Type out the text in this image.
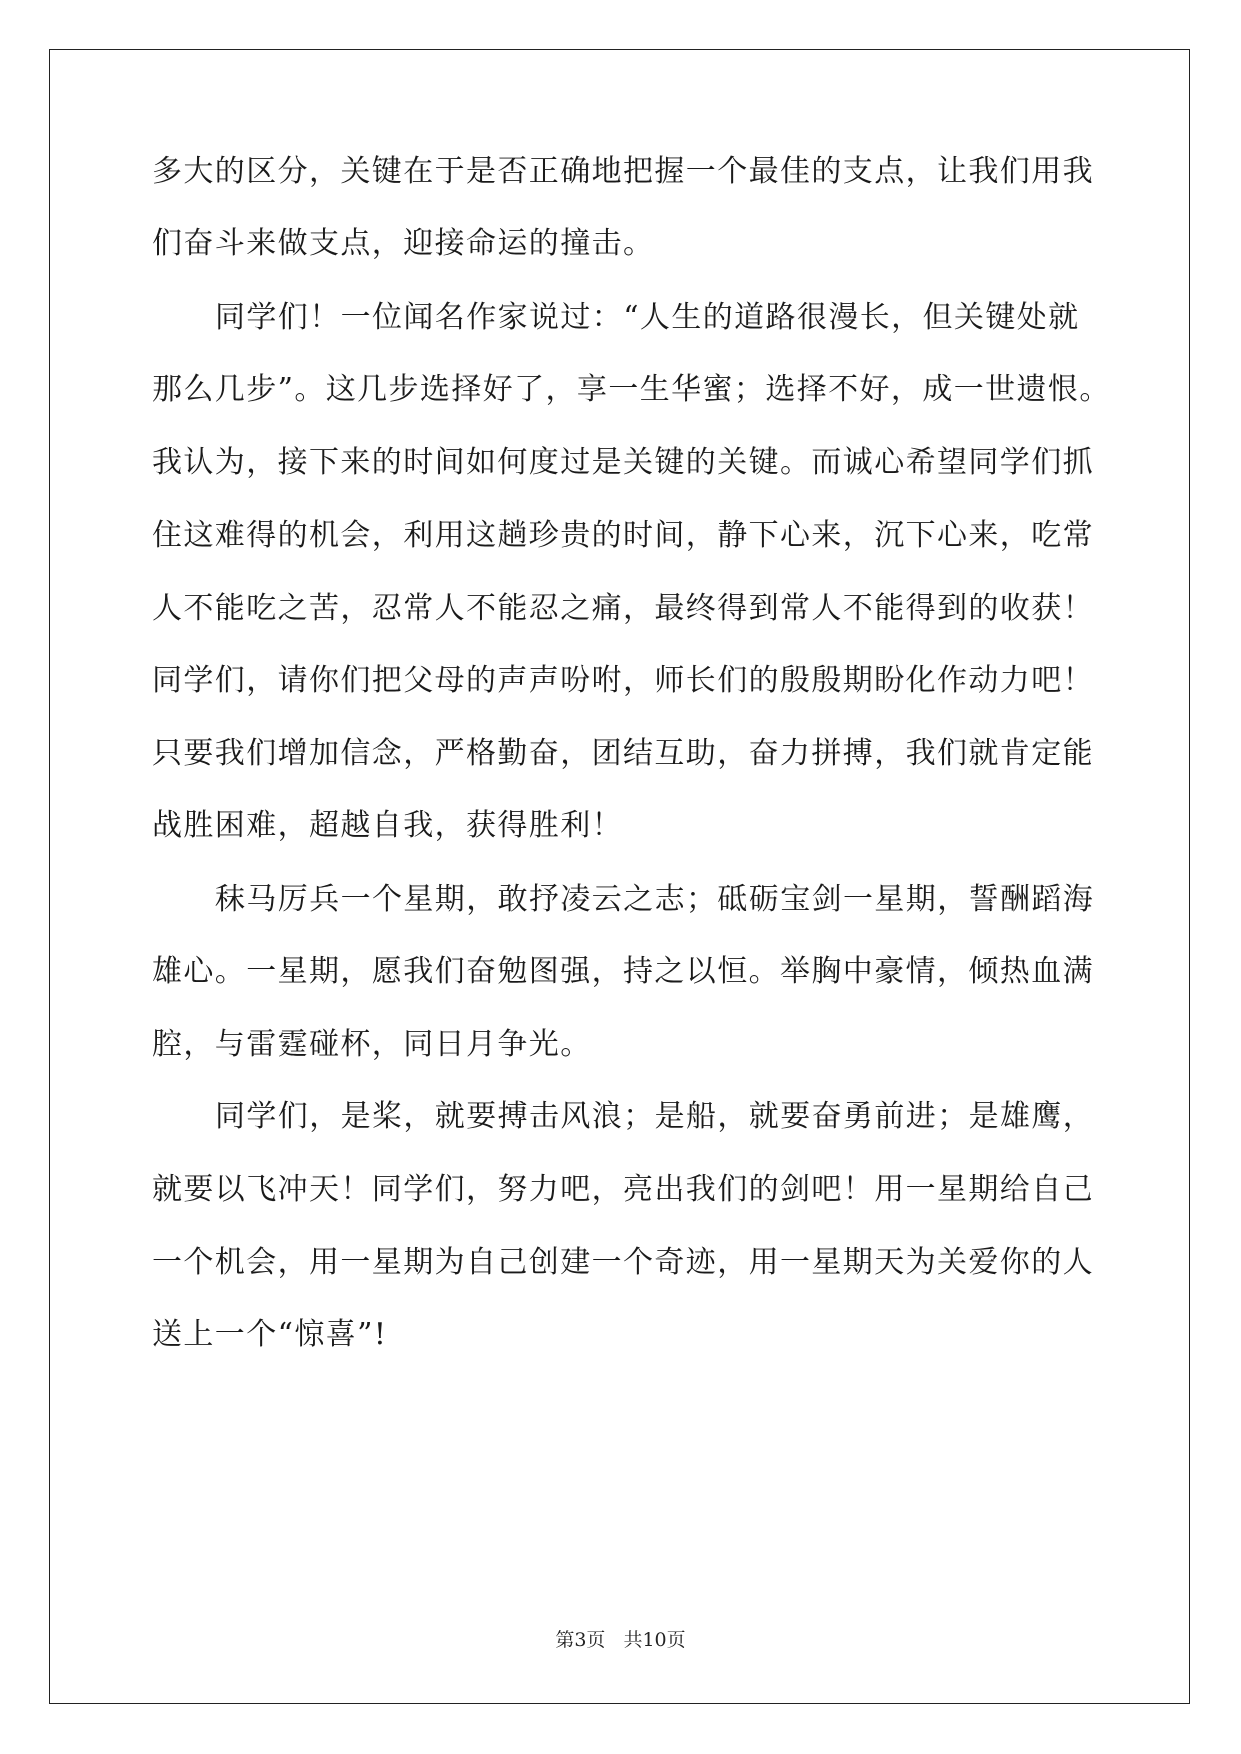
多大的区分，关键在于是否正确地把握一个最佳的支点，让我们用我
们奋斗来做支点，迎接命运的撞击。
同学们！一位闻名作家说过：“人生的道路很漫长，但关键处就
那么几步”。这几步选择好了，享一生华蜜；选择不好，成一世遗恨。
我认为，接下来的时间如何度过是关键的关键。而诚心希望同学们抓
住这难得的机会，利用这趟珍贵的时间，静下心来，沉下心来，吃常
人不能吃之苦，忍常人不能忍之痛，最终得到常人不能得到的收获！
同学们，请你们把父母的声声吩咐，师长们的殷殷期盼化作动力吧！
只要我们增加信念，严格勤奋，团结互助，奋力拼搏，我们就肯定能
战胜困难，超越自我，获得胜利！
秣马厉兵一个星期，敢抒凌云之志；砥砺宝剑一星期，誓酬蹈海
雄心。一星期，愿我们奋勉图强，持之以恒。举胸中豪情，倾热血满
腔，与雷霆碰杯，同日月争光。
同学们，是桨，就要搏击风浪；是船，就要奋勇前进；是雄鹰，
就要以飞冲天！同学们，努力吧，亮出我们的剑吧！用一星期给自己
一个机会，用一星期为自己创建一个奇迹，用一星期天为关爱你的人
送上一个“惊喜”!
第3页 共10页
